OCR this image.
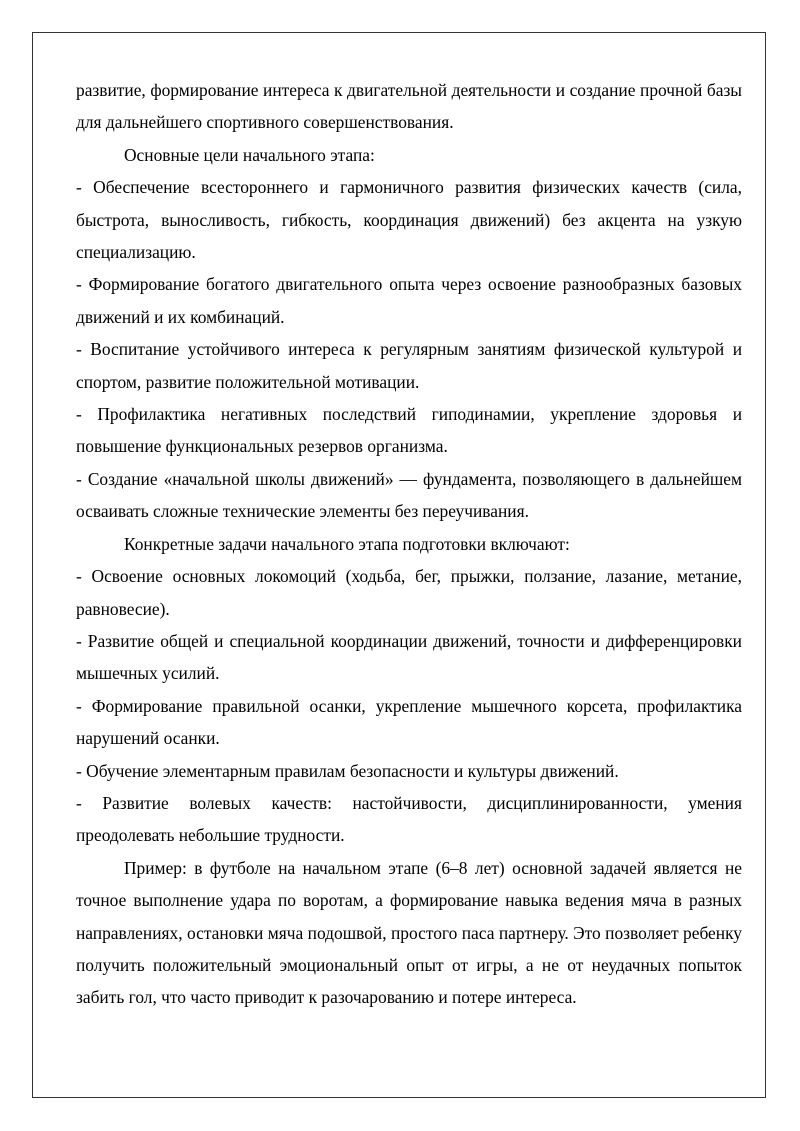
развитие, формирование интереса к двигательной деятельности и создание прочной базы для дальнейшего спортивного совершенствования.

Основные цели начального этапа:

- Обеспечение всестороннего и гармоничного развития физических качеств (сила, быстрота, выносливость, гибкость, координация движений) без акцента на узкую специализацию.

- Формирование богатого двигательного опыта через освоение разнообразных базовых движений и их комбинаций.

- Воспитание устойчивого интереса к регулярным занятиям физической культурой и спортом, развитие положительной мотивации.

- Профилактика негативных последствий гиподинамии, укрепление здоровья и повышение функциональных резервов организма.

- Создание «начальной школы движений» — фундамента, позволяющего в дальнейшем осваивать сложные технические элементы без переучивания.

Конкретные задачи начального этапа подготовки включают:

- Освоение основных локомоций (ходьба, бег, прыжки, ползание, лазание, метание, равновесие).

- Развитие общей и специальной координации движений, точности и дифференцировки мышечных усилий.

- Формирование правильной осанки, укрепление мышечного корсета, профилактика нарушений осанки.

- Обучение элементарным правилам безопасности и культуры движений.

- Развитие волевых качеств: настойчивости, дисциплинированности, умения преодолевать небольшие трудности.

Пример: в футболе на начальном этапе (6–8 лет) основной задачей является не точное выполнение удара по воротам, а формирование навыка ведения мяча в разных направлениях, остановки мяча подошвой, простого паса партнеру. Это позволяет ребенку получить положительный эмоциональный опыт от игры, а не от неудачных попыток забить гол, что часто приводит к разочарованию и потере интереса.
